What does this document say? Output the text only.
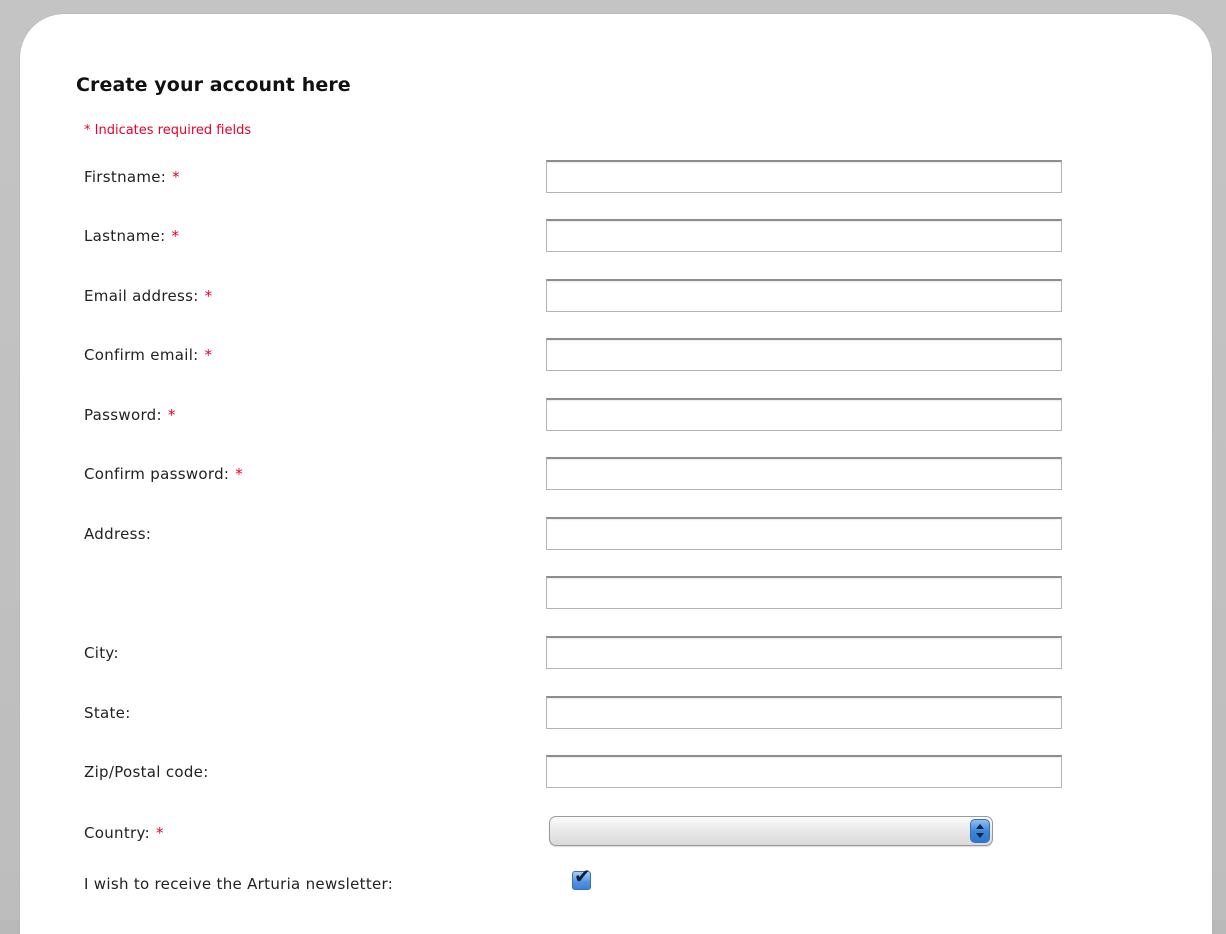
Create your account here
* Indicates required fields
Firstname: *
Lastname: *
Email address: *
Confirm email: *
Password: *
Confirm password: *
Address:
City:
State:
Zip/Postal code:
Country: *
I wish to receive the Arturia newsletter:	✔
